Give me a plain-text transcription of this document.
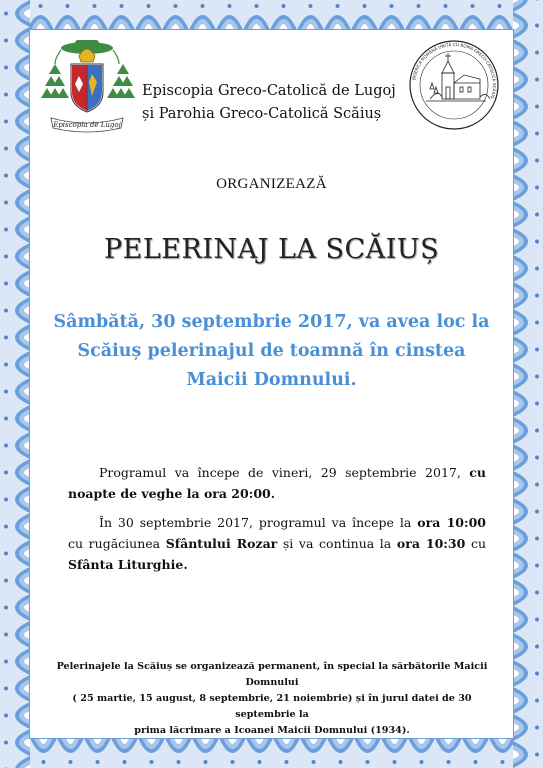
Episcopia de Lugoj
Episcopia Greco-Catolică de Lugoj
și Parohia Greco-Catolică Scăiuș
BISERICA ROMÂNĂ UNITĂ CU ROMA GRECO-CATOLICĂ SCĂIUȘ
ORGANIZEAZĂ
PELERINAJ LA SCĂIUȘ
Sâmbătă, 30 septembrie 2017, va avea loc la
Scăiuș pelerinajul de toamnă în cinstea
Maicii Domnului.

Programul va începe de vineri, 29 septembrie 2017, cu noapte de veghe la ora 20:00.

În 30 septembrie 2017, programul va începe la ora 10:00 cu rugăciunea Sfântului Rozar și va continua la ora 10:30 cu Sfânta Liturghie.

Pelerinajele la Scăiuș se organizează permanent, în special la sărbătorile Maicii Domnului
( 25 martie, 15 august, 8 septembrie, 21 noiembrie) și în jurul datei de 30 septembrie la
prima lăcrimare a Icoanei Maicii Domnului (1934).
